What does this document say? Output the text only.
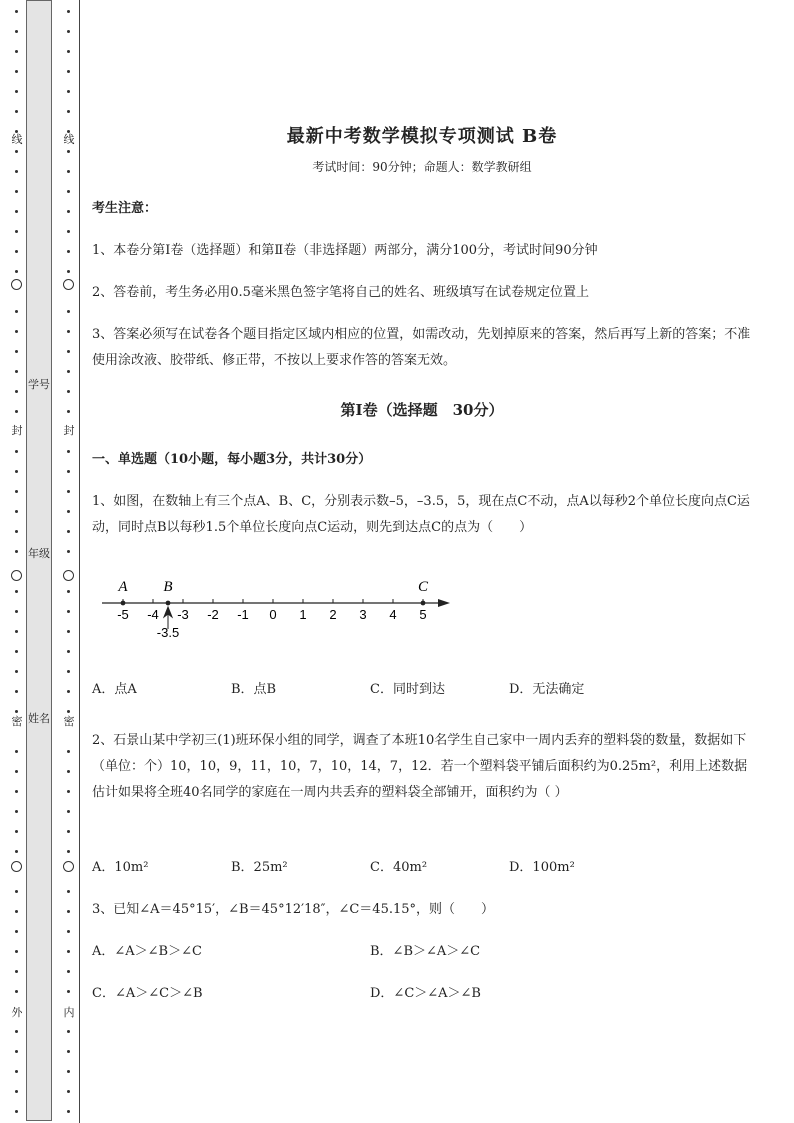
线
封
密
外
学号
年级
姓名
线
封
密
内
最新中考数学模拟专项测试 B卷
考试时间：90分钟；命题人：数学教研组
考生注意：
1、本卷分第I卷（选择题）和第Ⅱ卷（非选择题）两部分，满分100分，考试时间90分钟
2、答卷前，考生务必用0.5毫米黑色签字笔将自己的姓名、班级填写在试卷规定位置上
3、答案必须写在试卷各个题目指定区域内相应的位置，如需改动，先划掉原来的答案，然后再写上新的答案；不准使用涂改液、胶带纸、修正带，不按以上要求作答的答案无效。
第I卷（选择题　30分）
一、单选题（10小题，每小题3分，共计30分）
1、如图，在数轴上有三个点A、B、C，分别表示数–5，–3.5，5，现在点C不动，点A以每秒2个单位长度向点C运动，同时点B以每秒1.5个单位长度向点C运动，则先到达点C的点为（　　）
-5 -4 -3 -2 -1 0 1 2 3 4 5
A B	C
-3.5
A．点A	B．点B	C．同时到达	D．无法确定
2、石景山某中学初三(1)班环保小组的同学，调查了本班10名学生自己家中一周内丢弃的塑料袋的数量，数据如下（单位：个）10，10，9，11，10，7，10，14，7，12．若一个塑料袋平铺后面积约为0.25m²，利用上述数据估计如果将全班40名同学的家庭在一周内共丢弃的塑料袋全部铺开，面积约为（ ）
A．10m²	B．25m²	C．40m²	D．100m²
3、已知∠A＝45°15′，∠B＝45°12′18″，∠C＝45.15°，则（　　）
A．∠A＞∠B＞∠C	B．∠B＞∠A＞∠C
C．∠A＞∠C＞∠B	D．∠C＞∠A＞∠B
